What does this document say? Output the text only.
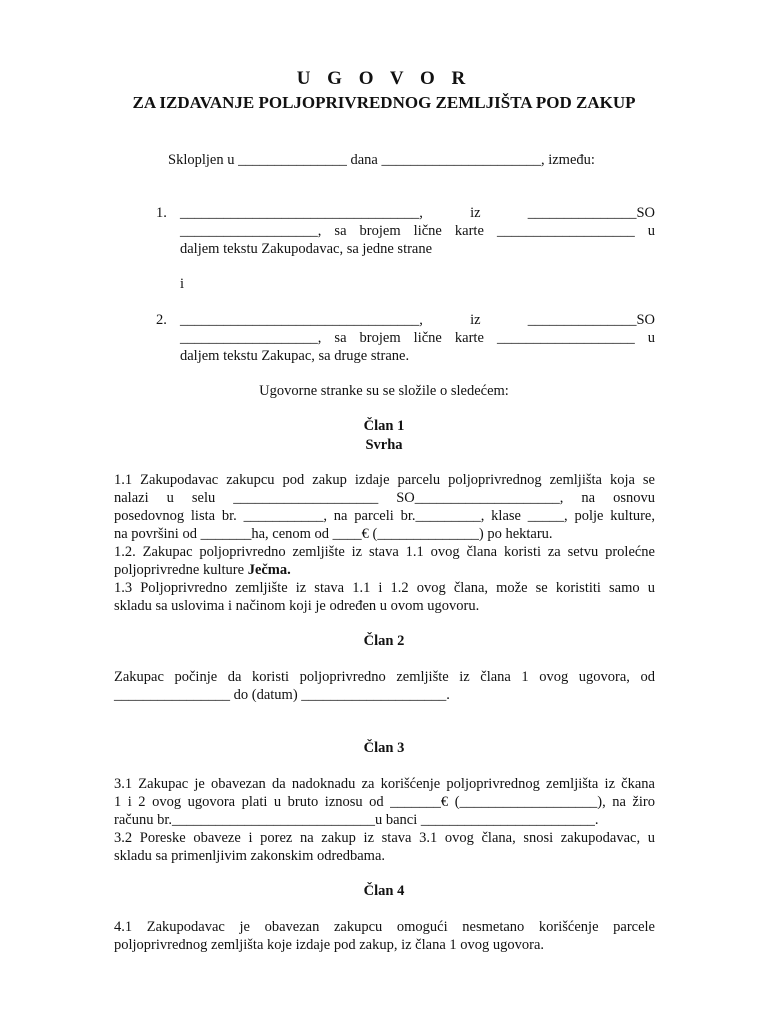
U G O V O R
ZA IZDAVANJE POLJOPRIVREDNOG ZEMLJIŠTA POD ZAKUP
Sklopljen u _______________ dana ______________________, između:
1. _________________________________, iz _______________SO
___________________, sa brojem lične karte ___________________ u
daljem tekstu Zakupodavac, sa jedne strane
i
2. _________________________________, iz _______________SO
___________________, sa brojem lične karte ___________________ u
daljem tekstu Zakupac, sa druge strane.
Ugovorne stranke su se složile o sledećem:
Član 1
Svrha
1.1 Zakupodavac zakupcu pod zakup izdaje parcelu poljoprivrednog zemljišta koja se
nalazi u selu ____________________ SO____________________, na osnovu
posedovnog lista br. ___________, na parceli br._________, klase _____, polje kulture,
na površini od _______ha, cenom od ____€ (______________) po hektaru.
1.2. Zakupac poljoprivredno zemljište iz stava 1.1 ovog člana koristi za setvu prolećne
poljoprivredne kulture Ječma.
1.3 Poljoprivredno zemljište iz stava 1.1 i 1.2 ovog člana, može se koristiti samo u
skladu sa uslovima i načinom koji je određen u ovom ugovoru.
Član 2
Zakupac počinje da koristi poljoprivredno zemljište iz člana 1 ovog ugovora, od
________________ do (datum) ____________________.
Član 3
3.1 Zakupac je obavezan da nadoknadu za korišćenje poljoprivrednog zemljišta iz čkana
1 i 2 ovog ugovora plati u bruto iznosu od _______€ (___________________), na žiro
računu br.____________________________u banci ________________________.
3.2 Poreske obaveze i porez na zakup iz stava 3.1 ovog člana, snosi zakupodavac, u
skladu sa primenljivim zakonskim odredbama.
Član 4
4.1 Zakupodavac je obavezan zakupcu omogući nesmetano korišćenje parcele
poljoprivrednog zemljišta koje izdaje pod zakup, iz člana 1 ovog ugovora.
